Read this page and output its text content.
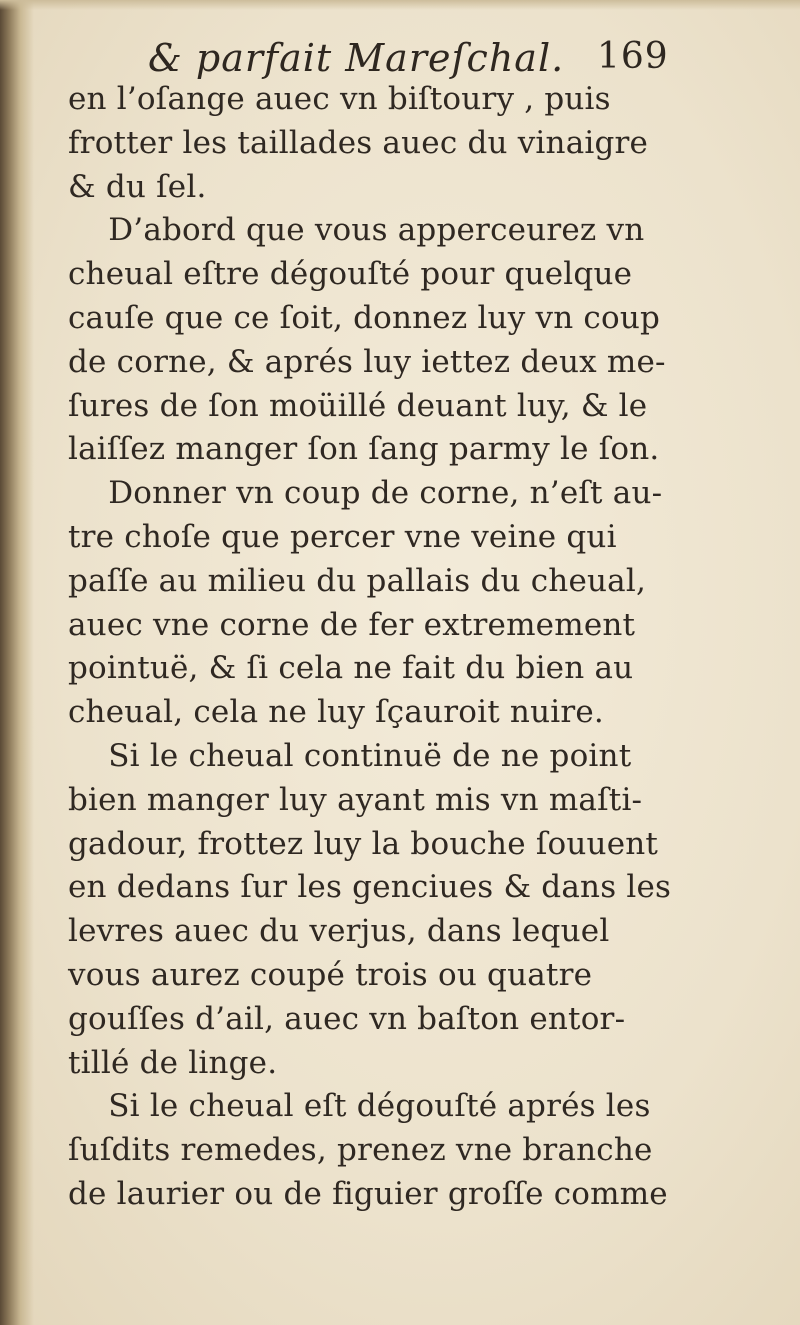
& parfait Mareſchal. 169
en l’oſange auec vn biſtoury , puis
frotter les taillades auec du vinaigre
& du ſel.
D’abord que vous apperceurez vn
cheual eſtre dégouſté pour quelque
cauſe que ce ſoit, donnez luy vn coup
de corne, & aprés luy iettez deux me-
ſures de ſon moüillé deuant luy, & le
laiſſez manger ſon ſang parmy le ſon.
Donner vn coup de corne, n’eſt au-
tre choſe que percer vne veine qui
paſſe au milieu du pallais du cheual,
auec vne corne de fer extremement
pointuë, & ſi cela ne fait du bien au
cheual, cela ne luy ſçauroit nuire.
Si le cheual continuë de ne point
bien manger luy ayant mis vn maſti-
gadour, frottez luy la bouche ſouuent
en dedans ſur les genciues & dans les
levres auec du verjus, dans lequel
vous aurez coupé trois ou quatre
gouſſes d’ail, auec vn baſton entor-
tillé de linge.
Si le cheual eſt dégouſté aprés les
ſuſdits remedes, prenez vne branche
de laurier ou de figuier groſſe comme
